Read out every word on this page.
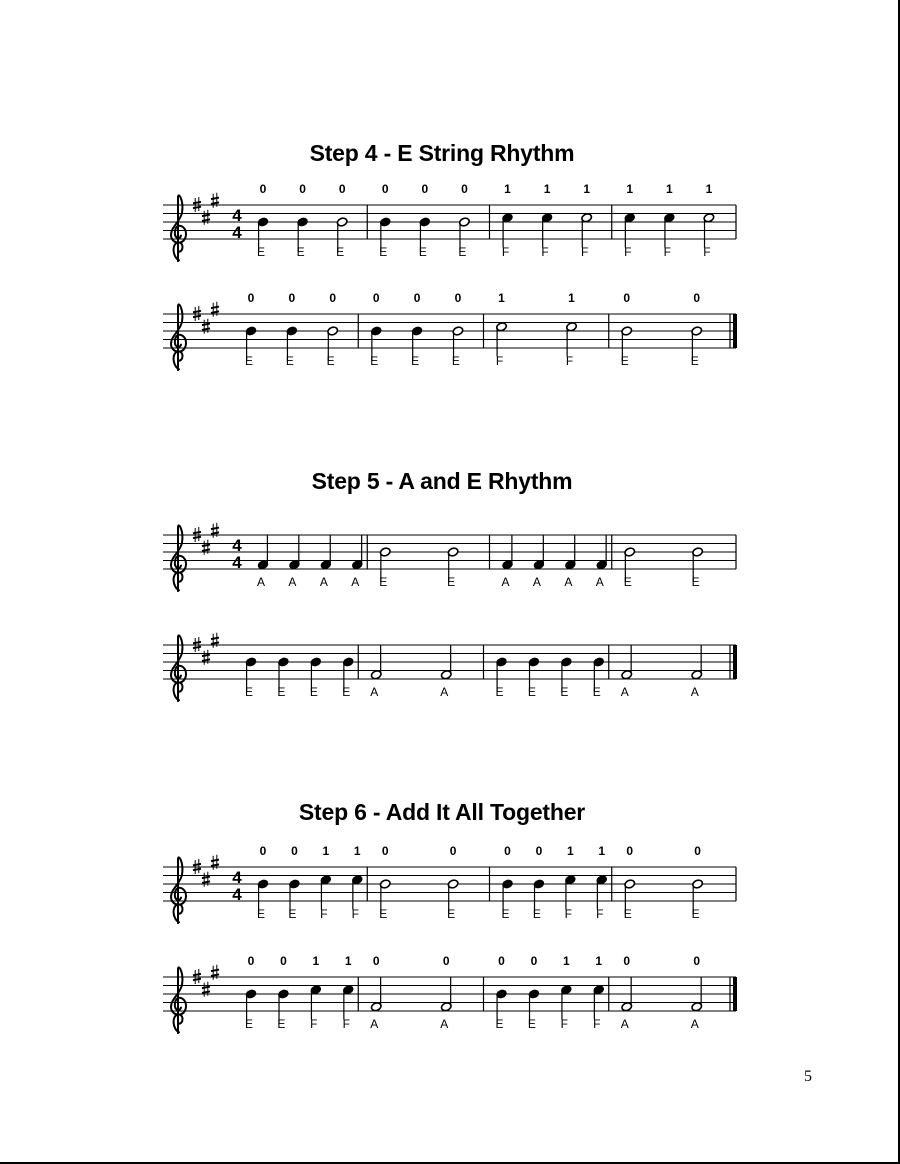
Step 4 - E String Rhythm
Step 5 - A and E Rhythm
Step 6 - Add It All Together
4
4
0
E
0
E
0
E
0
E
0
E
0
E
1
F
1
F
1
F
1
F
1
F
1
F
0
E
0
E
0
E
0
E
0
E
0
E
1
F
1
F
0
E
0
E
4
4
A A A A E	E	A A A A E	E
E E E E A	A	E E E E A	A
4
4
0
E
0
E
1
F
1
F
0
E
0
E
0
E
0
E
1
F
1
F
0
E
0
E
0
E
0
E
1
F
1
F
0
A
0
A
0
E
0
E
1
F
1
F
0
A
0
A
5
